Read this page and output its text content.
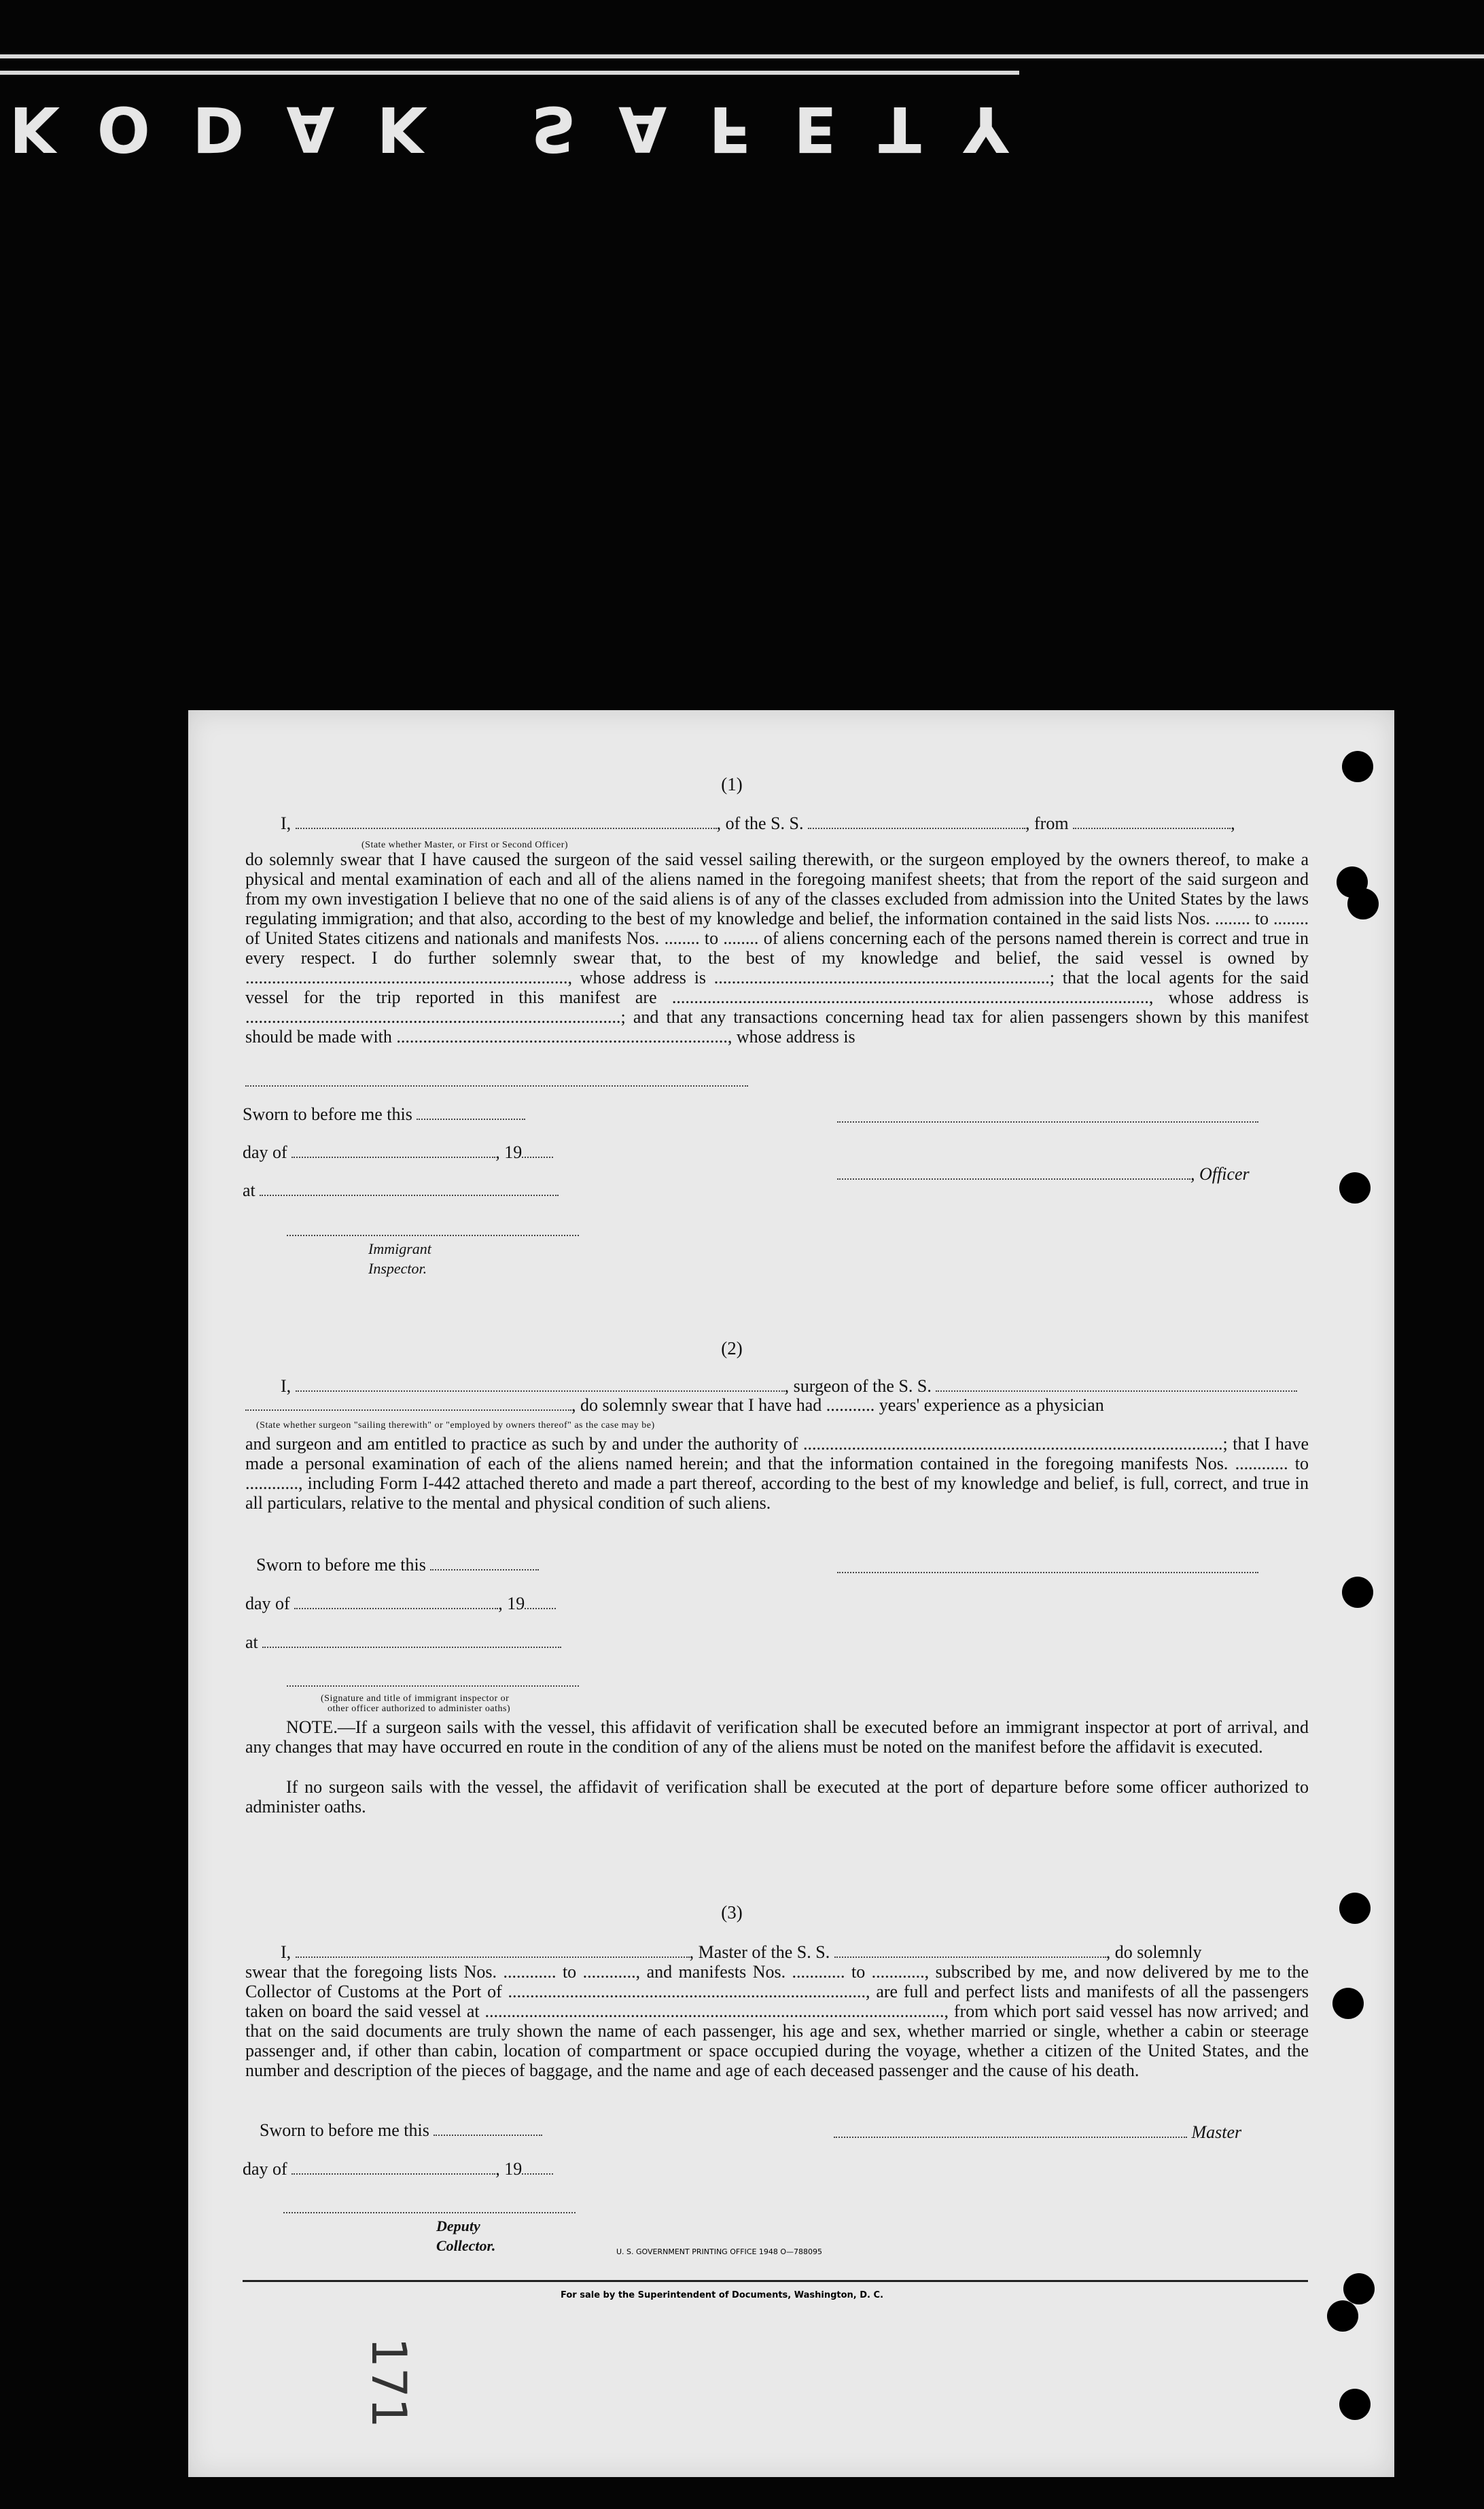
KODAK SAFETY
(1)
I,	, of the S. S.	, from	,
(State whether Master, or First or Second Officer)
do solemnly swear that I have caused the surgeon of the said vessel sailing therewith, or the surgeon employed by the owners thereof, to make a physical and mental examination of each and all of the aliens named in the foregoing manifest sheets; that from the report of the said surgeon and from my own investigation I believe that no one of the said aliens is of any of the classes excluded from admission into the United States by the laws regulating immigration; and that also, according to the best of my knowledge and belief, the information contained in the said lists Nos. ........ to ........ of United States citizens and nationals and manifests Nos. ........ to ........ of aliens concerning each of the persons named therein is correct and true in every respect. I do further solemnly swear that, to the best of my knowledge and belief, the said vessel is owned by ........................................................................., whose address is ............................................................................; that the local agents for the said vessel for the trip reported in this manifest are ............................................................................................................, whose address is .....................................................................................; and that any transactions concerning head tax for alien passengers shown by this manifest should be made with ..........................................................................., whose address is
Sworn to before me this
day of	, 19
at
, Officer
Immigrant Inspector.
(2)
I,	, surgeon of the S. S.
, do solemnly swear that I have had ........... years' experience as a physician
(State whether surgeon "sailing therewith" or "employed by owners thereof" as the case may be)
and surgeon and am entitled to practice as such by and under the authority of ...............................................................................................; that I have made a personal examination of each of the aliens named herein; and that the information contained in the foregoing manifests Nos. ............ to ............, including Form I-442 attached thereto and made a part thereof, according to the best of my knowledge and belief, is full, correct, and true in all particulars, relative to the mental and physical condition of such aliens.
Sworn to before me this
day of	, 19
at
(Signature and title of immigrant inspector or
other officer authorized to administer oaths)
NOTE.—If a surgeon sails with the vessel, this affidavit of verification shall be executed before an immigrant inspector at port of arrival, and any changes that may have occurred en route in the condition of any of the aliens must be noted on the manifest before the affidavit is executed.
If no surgeon sails with the vessel, the affidavit of verification shall be executed at the port of departure before some officer authorized to administer oaths.
(3)
I,	, Master of the S. S.	, do solemnly
swear that the foregoing lists Nos. ............ to ............, and manifests Nos. ............ to ............, subscribed by me, and now delivered by me to the Collector of Customs at the Port of ................................................................................., are full and perfect lists and manifests of all the passengers taken on board the said vessel at ........................................................................................................, from which port said vessel has now arrived; and that on the said documents are truly shown the name of each passenger, his age and sex, whether married or single, whether a cabin or steerage passenger and, if other than cabin, location of compartment or space occupied during the voyage, whether a citizen of the United States, and the number and description of the pieces of baggage, and the name and age of each deceased passenger and the cause of his death.
Sworn to before me this	Master
day of	, 19
Deputy Collector.	U. S. GOVERNMENT PRINTING OFFICE 1948 O—788095
For sale by the Superintendent of Documents, Washington, D. C.
171
